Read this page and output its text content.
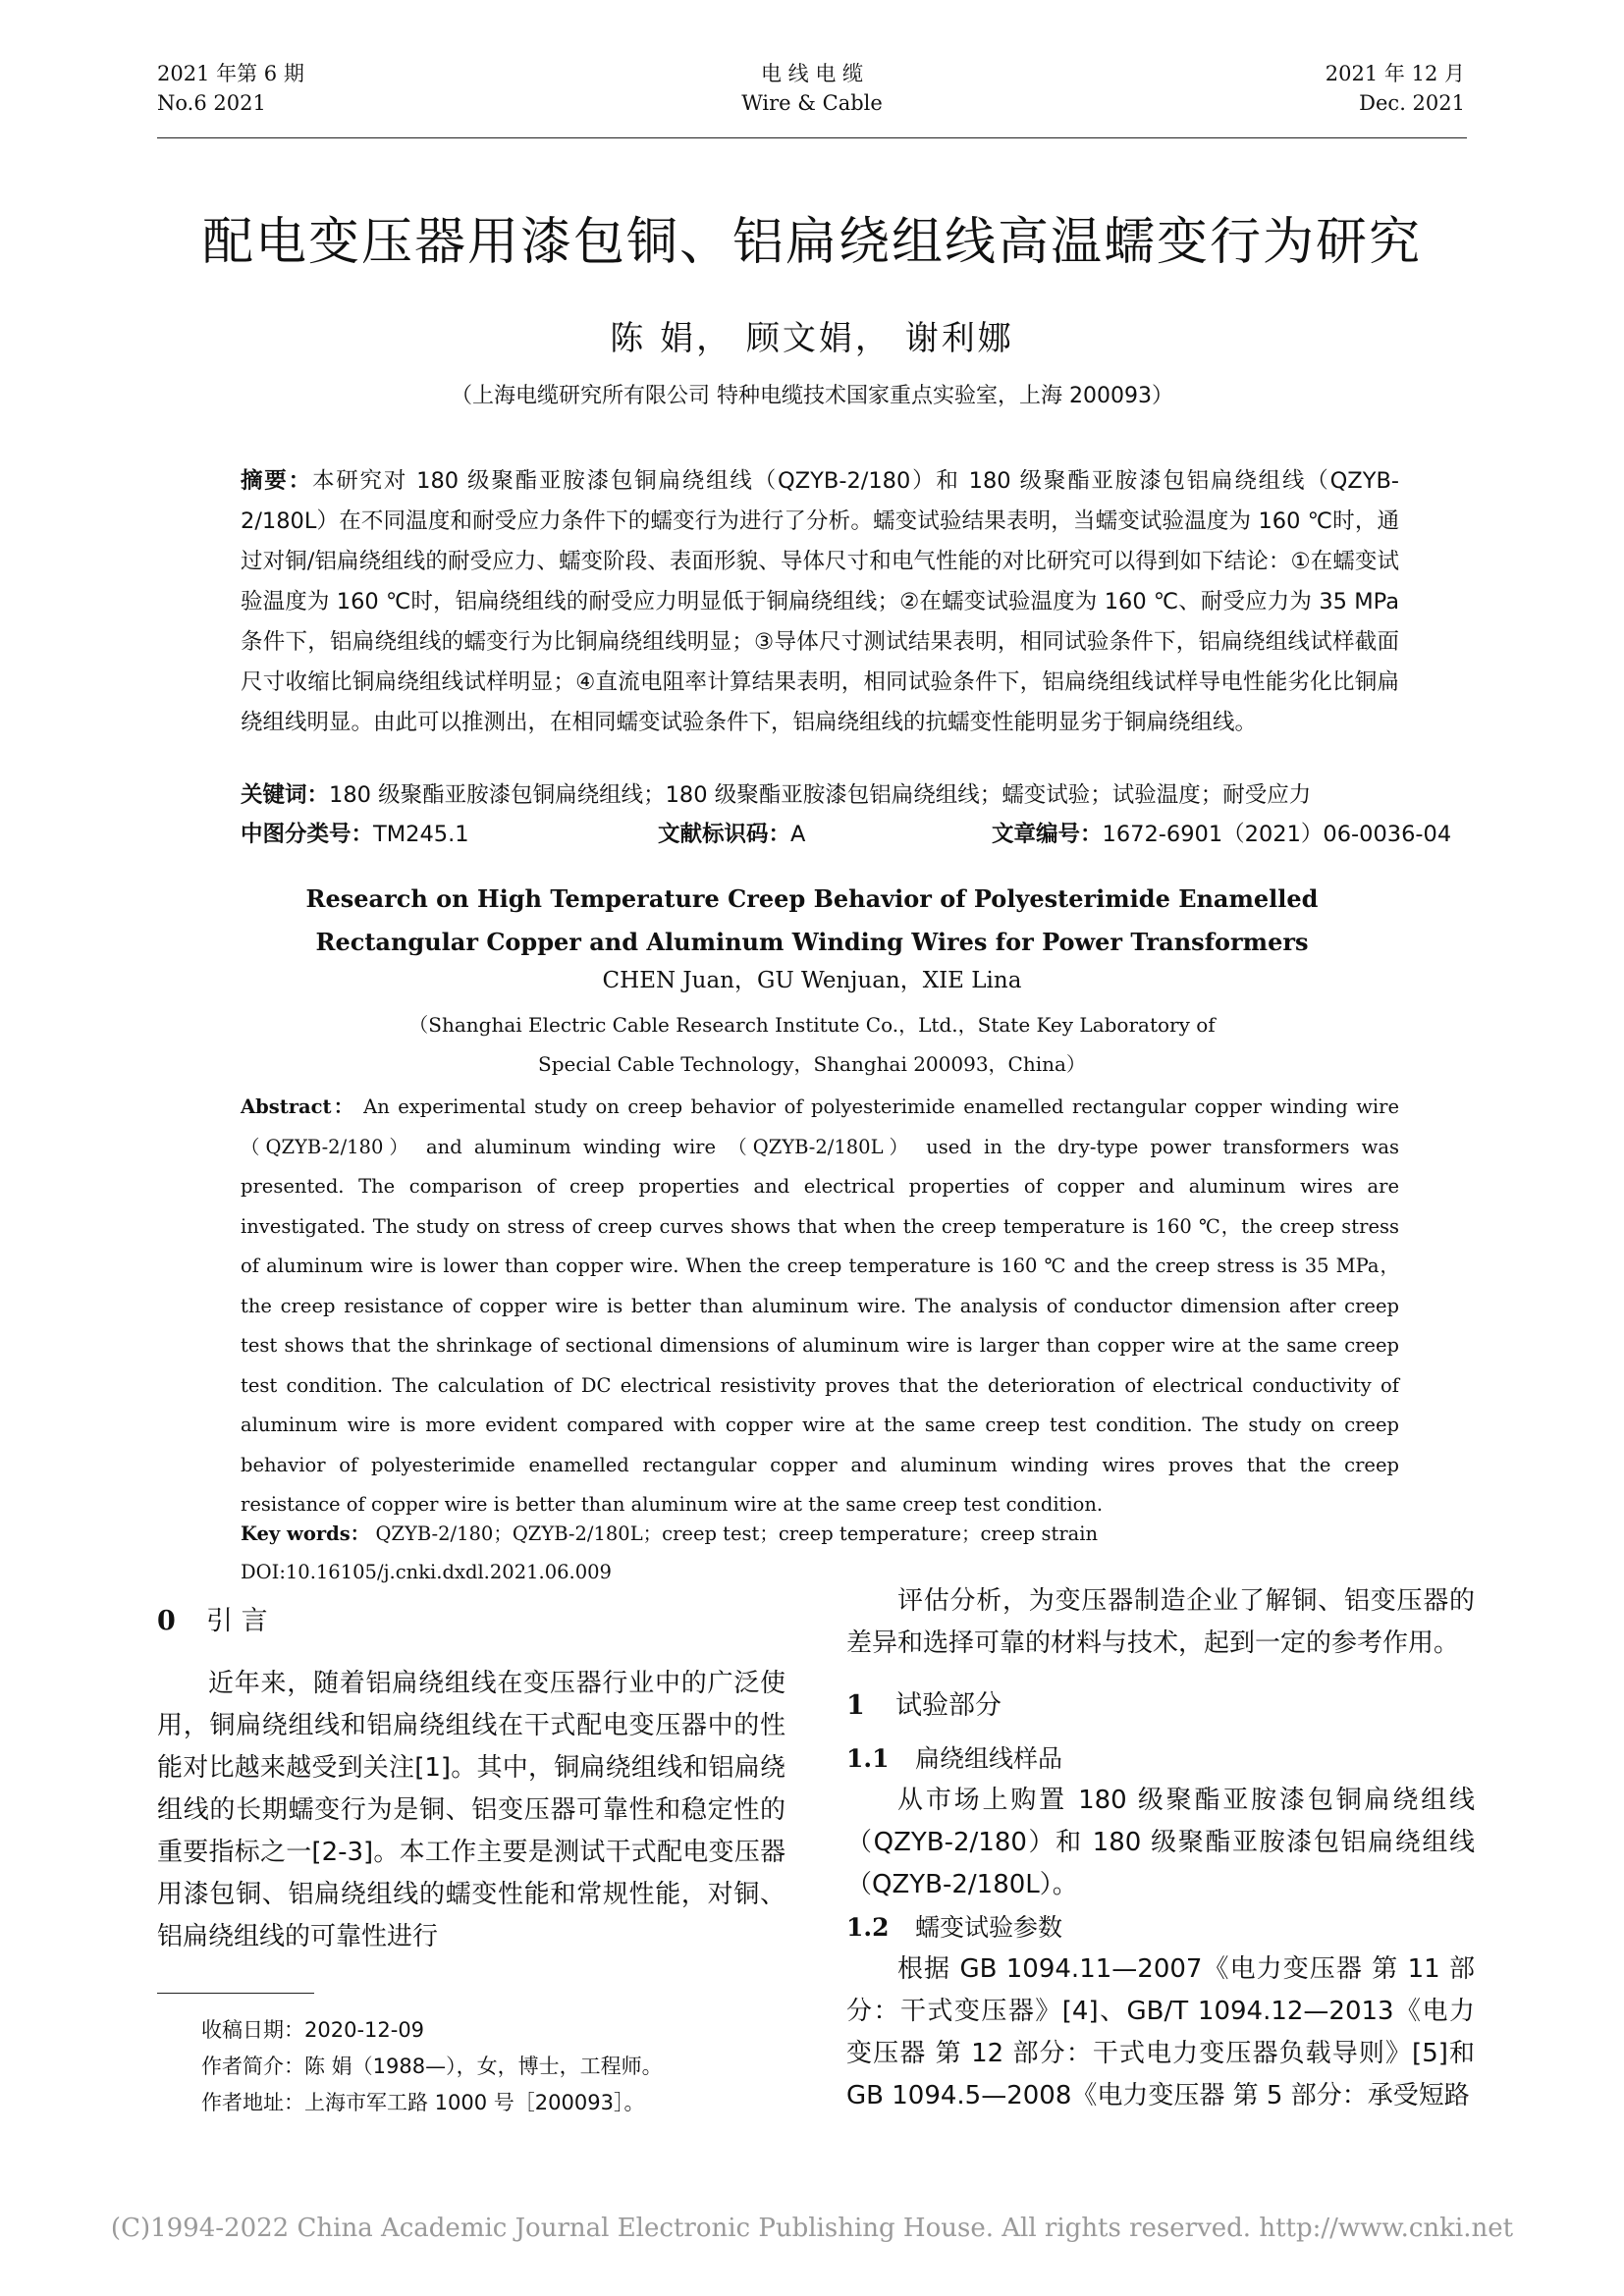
2021 年第 6 期
No.6 2021
电 线 电 缆
Wire & Cable
2021 年 12 月
Dec. 2021
配电变压器用漆包铜、铝扁绕组线高温蠕变行为研究
陈 娟， 顾文娟， 谢利娜
（上海电缆研究所有限公司 特种电缆技术国家重点实验室，上海 200093）
摘要：本研究对 180 级聚酯亚胺漆包铜扁绕组线（QZYB-2/180）和 180 级聚酯亚胺漆包铝扁绕组线（QZYB-2/180L）在不同温度和耐受应力条件下的蠕变行为进行了分析。蠕变试验结果表明，当蠕变试验温度为 160 ℃时，通过对铜/铝扁绕组线的耐受应力、蠕变阶段、表面形貌、导体尺寸和电气性能的对比研究可以得到如下结论：①在蠕变试验温度为 160 ℃时，铝扁绕组线的耐受应力明显低于铜扁绕组线；②在蠕变试验温度为 160 ℃、耐受应力为 35 MPa 条件下，铝扁绕组线的蠕变行为比铜扁绕组线明显；③导体尺寸测试结果表明，相同试验条件下，铝扁绕组线试样截面尺寸收缩比铜扁绕组线试样明显；④直流电阻率计算结果表明，相同试验条件下，铝扁绕组线试样导电性能劣化比铜扁绕组线明显。由此可以推测出，在相同蠕变试验条件下，铝扁绕组线的抗蠕变性能明显劣于铜扁绕组线。
关键词：180 级聚酯亚胺漆包铜扁绕组线；180 级聚酯亚胺漆包铝扁绕组线；蠕变试验；试验温度；耐受应力
中图分类号：TM245.1	文献标识码：A	文章编号：1672-6901（2021）06-0036-04
Research on High Temperature Creep Behavior of Polyesterimide Enamelled
Rectangular Copper and Aluminum Winding Wires for Power Transformers
CHEN Juan，GU Wenjuan，XIE Lina
（Shanghai Electric Cable Research Institute Co.，Ltd.，State Key Laboratory of
Special Cable Technology，Shanghai 200093，China）
Abstract： An experimental study on creep behavior of polyesterimide enamelled rectangular copper winding wire （QZYB-2/180） and aluminum winding wire （QZYB-2/180L） used in the dry-type power transformers was presented. The comparison of creep properties and electrical properties of copper and aluminum wires are investigated. The study on stress of creep curves shows that when the creep temperature is 160 ℃，the creep stress of aluminum wire is lower than copper wire. When the creep temperature is 160 ℃ and the creep stress is 35 MPa，the creep resistance of copper wire is better than aluminum wire. The analysis of conductor dimension after creep test shows that the shrinkage of sectional dimensions of aluminum wire is larger than copper wire at the same creep test condition. The calculation of DC electrical resistivity proves that the deterioration of electrical conductivity of aluminum wire is more evident compared with copper wire at the same creep test condition. The study on creep behavior of polyesterimide enamelled rectangular copper and aluminum winding wires proves that the creep resistance of copper wire is better than aluminum wire at the same creep test condition.
Key words： QZYB-2/180；QZYB-2/180L；creep test；creep temperature；creep strain
DOI:10.16105/j.cnki.dxdl.2021.06.009
0 引 言

近年来，随着铝扁绕组线在变压器行业中的广泛使用，铜扁绕组线和铝扁绕组线在干式配电变压器中的性能对比越来越受到关注[1]。其中，铜扁绕组线和铝扁绕组线的长期蠕变行为是铜、铝变压器可靠性和稳定性的重要指标之一[2-3]。本工作主要是测试干式配电变压器用漆包铜、铝扁绕组线的蠕变性能和常规性能，对铜、铝扁绕组线的可靠性进行

评估分析，为变压器制造企业了解铜、铝变压器的差异和选择可靠的材料与技术，起到一定的参考作用。

1 试验部分
1.1 扁绕组线样品

从市场上购置 180 级聚酯亚胺漆包铜扁绕组线（QZYB-2/180）和 180 级聚酯亚胺漆包铝扁绕组线（QZYB-2/180L）。

1.2 蠕变试验参数

根据 GB 1094.11—2007《电力变压器 第 11 部分：干式变压器》[4]、GB/T 1094.12—2013《电力变压器 第 12 部分：干式电力变压器负载导则》[5]和 GB 1094.5—2008《电力变压器 第 5 部分：承受短路

收稿日期：2020-12-09

作者简介：陈 娟（1988—），女，博士，工程师。

作者地址：上海市军工路 1000 号［200093］。

(C)1994-2022 China Academic Journal Electronic Publishing House. All rights reserved. http://www.cnki.net
